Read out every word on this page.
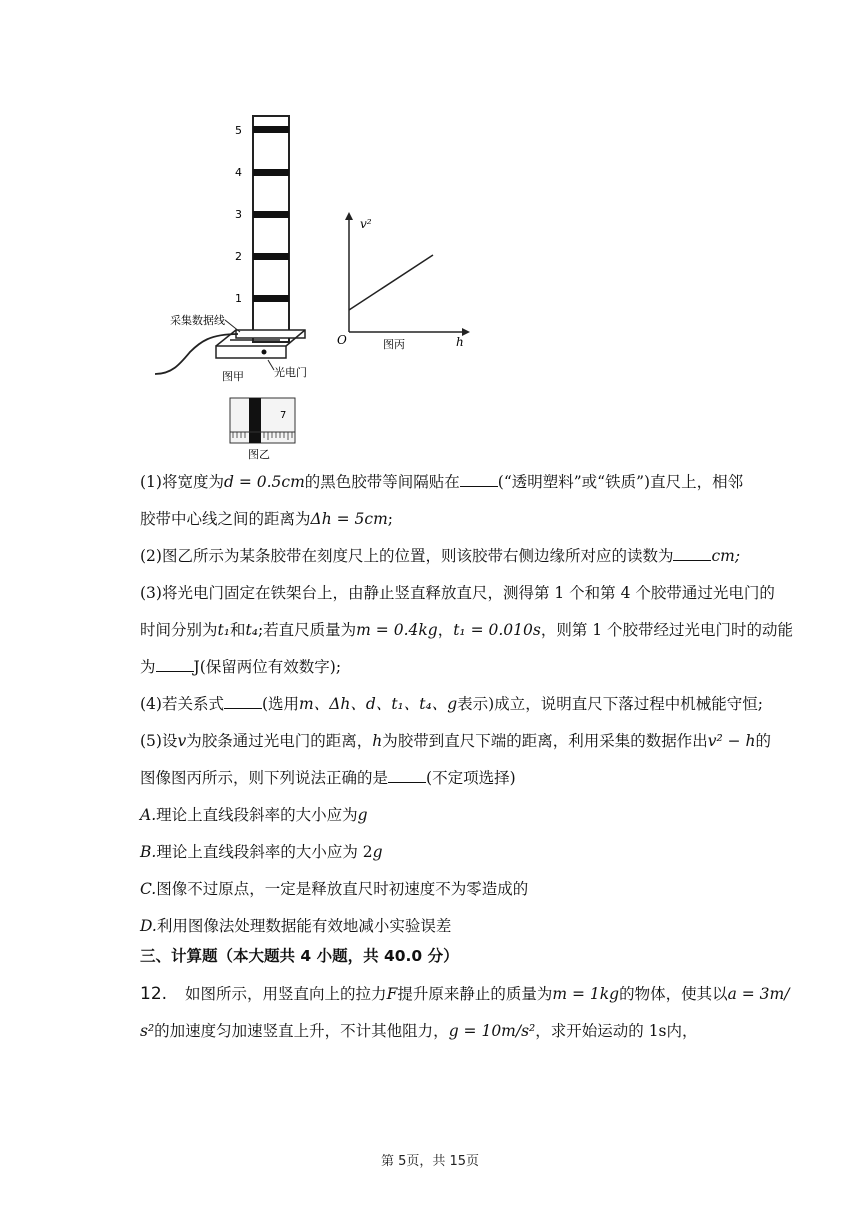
5
4
3
2
1
采集数据线
图甲	光电门
v²
O	h
图丙
7
图乙
(1)将宽度为d = 0.5cm的黑色胶带等间隔贴在 (“透明塑料”或“铁质”)直尺上，相邻
胶带中心线之间的距离为Δh = 5cm;
(2)图乙所示为某条胶带在刻度尺上的位置，则该胶带右侧边缘所对应的读数为 cm;
(3)将光电门固定在铁架台上，由静止竖直释放直尺，测得第 1 个和第 4 个胶带通过光电门的
时间分别为t₁和t₄;若直尺质量为m = 0.4kg，t₁ = 0.010s，则第 1 个胶带经过光电门时的动能
为 J(保留两位有效数字);
(4)若关系式 (选用m、Δh、d、t₁、t₄、g表示)成立，说明直尺下落过程中机械能守恒;
(5)设v为胶条通过光电门的距离，h为胶带到直尺下端的距离，利用采集的数据作出v² − h的
图像图丙所示，则下列说法正确的是 (不定项选择)
A.理论上直线段斜率的大小应为g
B.理论上直线段斜率的大小应为 2g
C.图像不过原点，一定是释放直尺时初速度不为零造成的
D.利用图像法处理数据能有效地减小实验误差
三、计算题（本大题共 4 小题，共 40.0 分）
12. 如图所示，用竖直向上的拉力F提升原来静止的质量为m = 1kg的物体，使其以a = 3m/
s²的加速度匀加速竖直上升，不计其他阻力，g = 10m/s²，求开始运动的 1s内，
第 5页，共 15页
